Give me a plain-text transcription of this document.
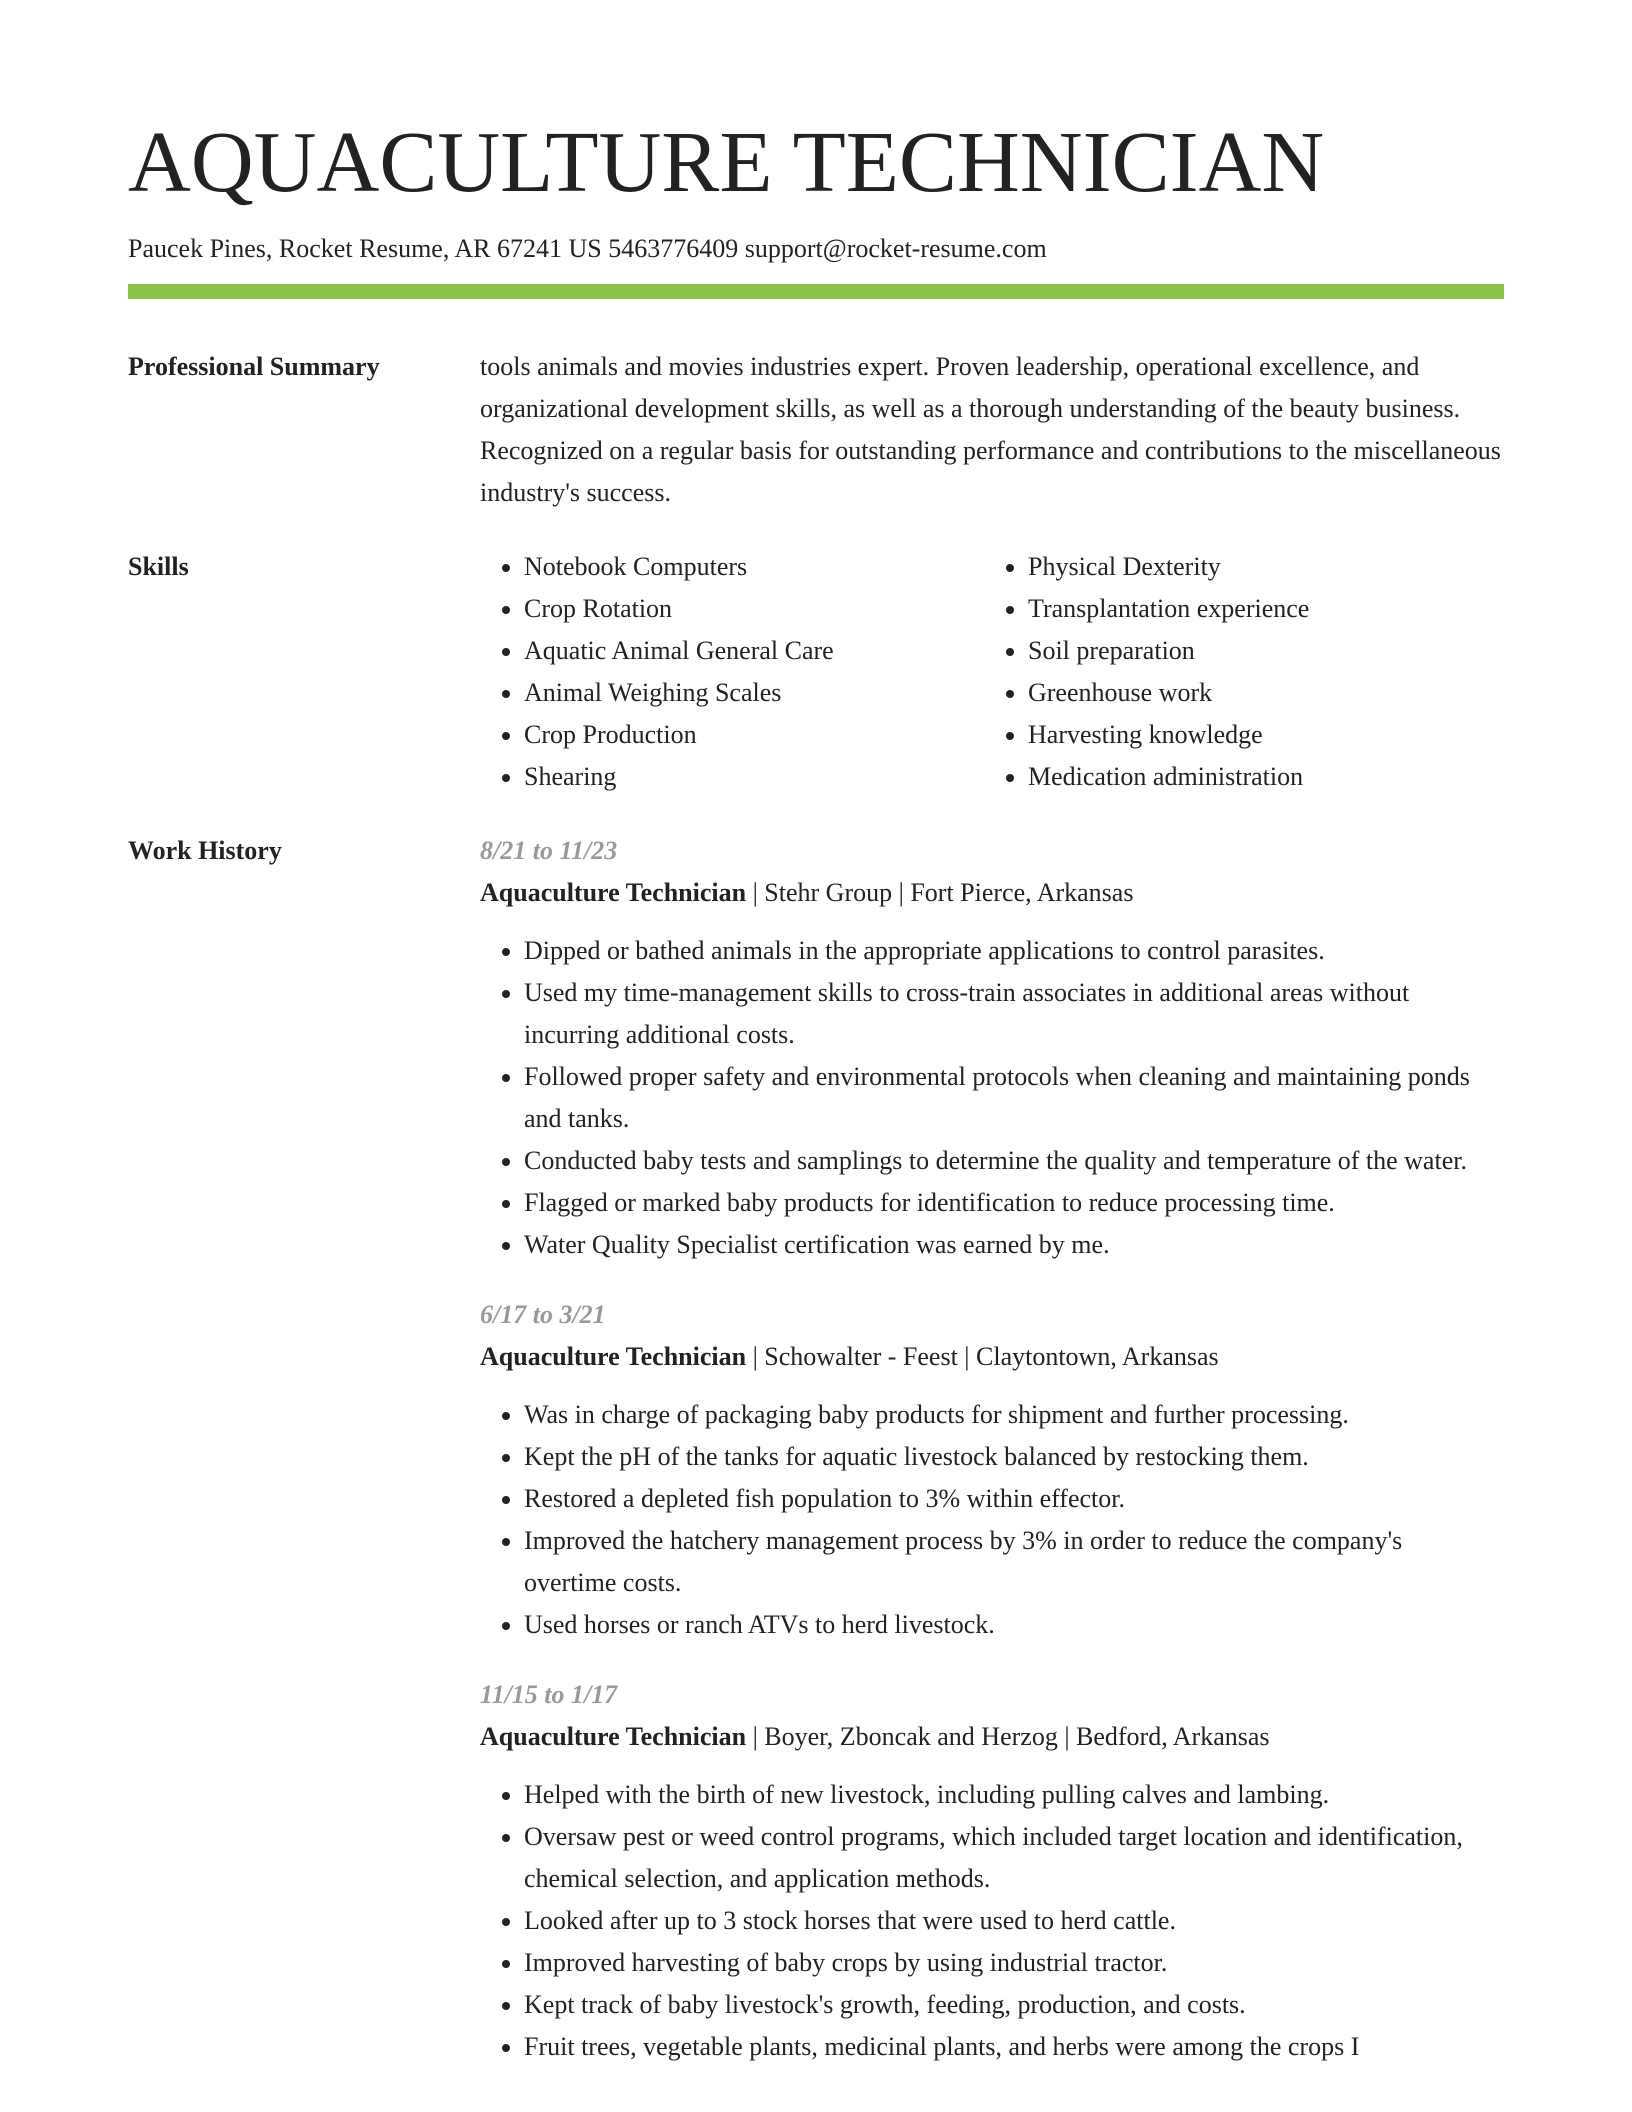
AQUACULTURE TECHNICIAN
Paucek Pines, Rocket Resume, AR 67241 US 5463776409 support@rocket-resume.com
Professional Summary	tools animals and movies industries expert. Proven leadership, operational excellence, and organizational development skills, as well as a thorough understanding of the beauty business. Recognized on a regular basis for outstanding performance and contributions to the miscellaneous industry's success.
Skills
•	Notebook Computers
• Crop Rotation
• Aquatic Animal General Care
• Animal Weighing Scales
• Crop Production
• Shearing
• Physical Dexterity
• Transplantation experience
• Soil preparation
• Greenhouse work
• Harvesting knowledge
• Medication administration
Work History	8/21 to 11/23
Aquaculture Technician | Stehr Group | Fort Pierce, Arkansas
• Dipped or bathed animals in the appropriate applications to control parasites.
• Used my time-management skills to cross-train associates in additional areas without incurring additional costs.
• Followed proper safety and environmental protocols when cleaning and maintaining ponds and tanks.
• Conducted baby tests and samplings to determine the quality and temperature of the water.
• Flagged or marked baby products for identification to reduce processing time.
• Water Quality Specialist certification was earned by me.
6/17 to 3/21
Aquaculture Technician | Schowalter - Feest | Claytontown, Arkansas
• Was in charge of packaging baby products for shipment and further processing.
• Kept the pH of the tanks for aquatic livestock balanced by restocking them.
• Restored a depleted fish population to 3% within effector.
• Improved the hatchery management process by 3% in order to reduce the company's overtime costs.
• Used horses or ranch ATVs to herd livestock.
11/15 to 1/17
Aquaculture Technician | Boyer, Zboncak and Herzog | Bedford, Arkansas
• Helped with the birth of new livestock, including pulling calves and lambing.
• Oversaw pest or weed control programs, which included target location and identification, chemical selection, and application methods.
• Looked after up to 3 stock horses that were used to herd cattle.
• Improved harvesting of baby crops by using industrial tractor.
• Kept track of baby livestock's growth, feeding, production, and costs.
• Fruit trees, vegetable plants, medicinal plants, and herbs were among the crops I
